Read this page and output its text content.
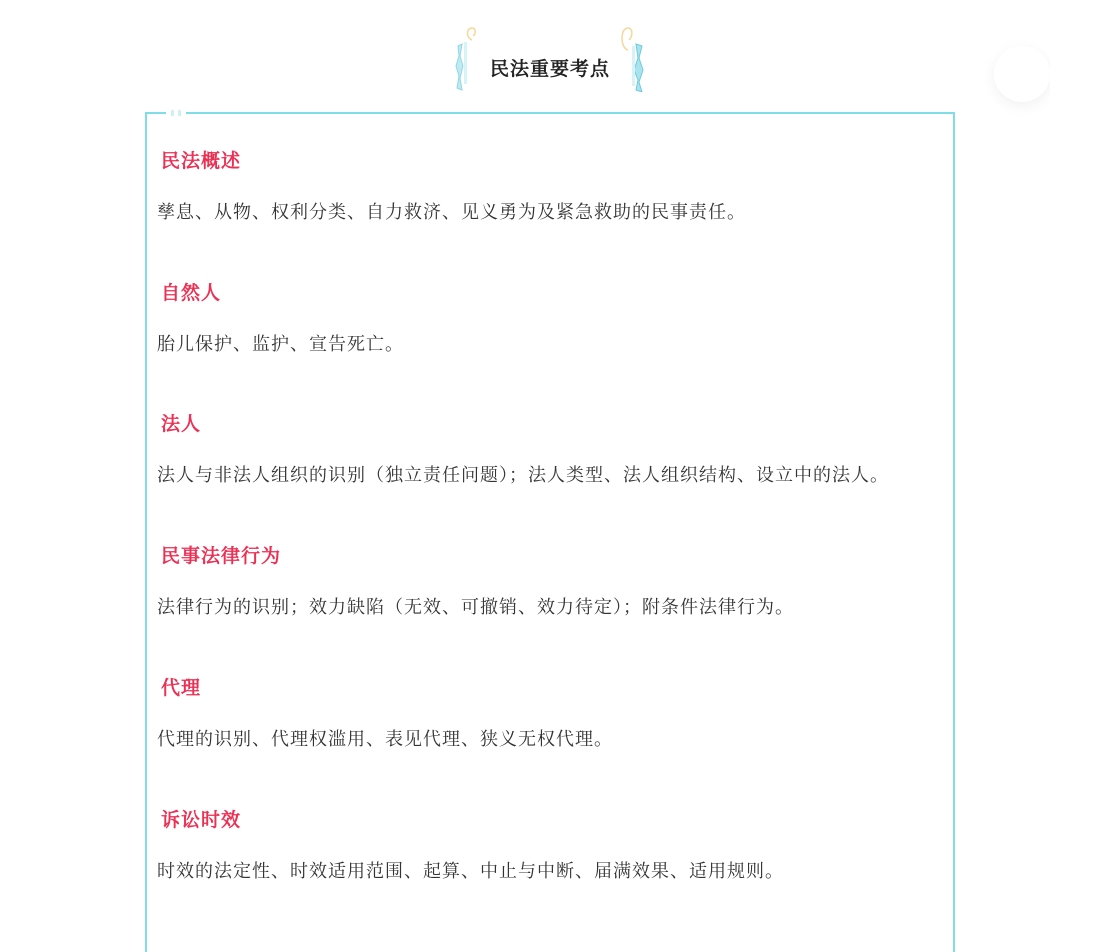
民法重要考点
民法概述
孳息、从物、权利分类、自力救济、见义勇为及紧急救助的民事责任。
自然人
胎儿保护、监护、宣告死亡。
法人
法人与非法人组织的识别（独立责任问题）；法人类型、法人组织结构、设立中的法人。
民事法律行为
法律行为的识别；效力缺陷（无效、可撤销、效力待定）；附条件法律行为。
代理
代理的识别、代理权滥用、表见代理、狭义无权代理。
诉讼时效
时效的法定性、时效适用范围、起算、中止与中断、届满效果、适用规则。
